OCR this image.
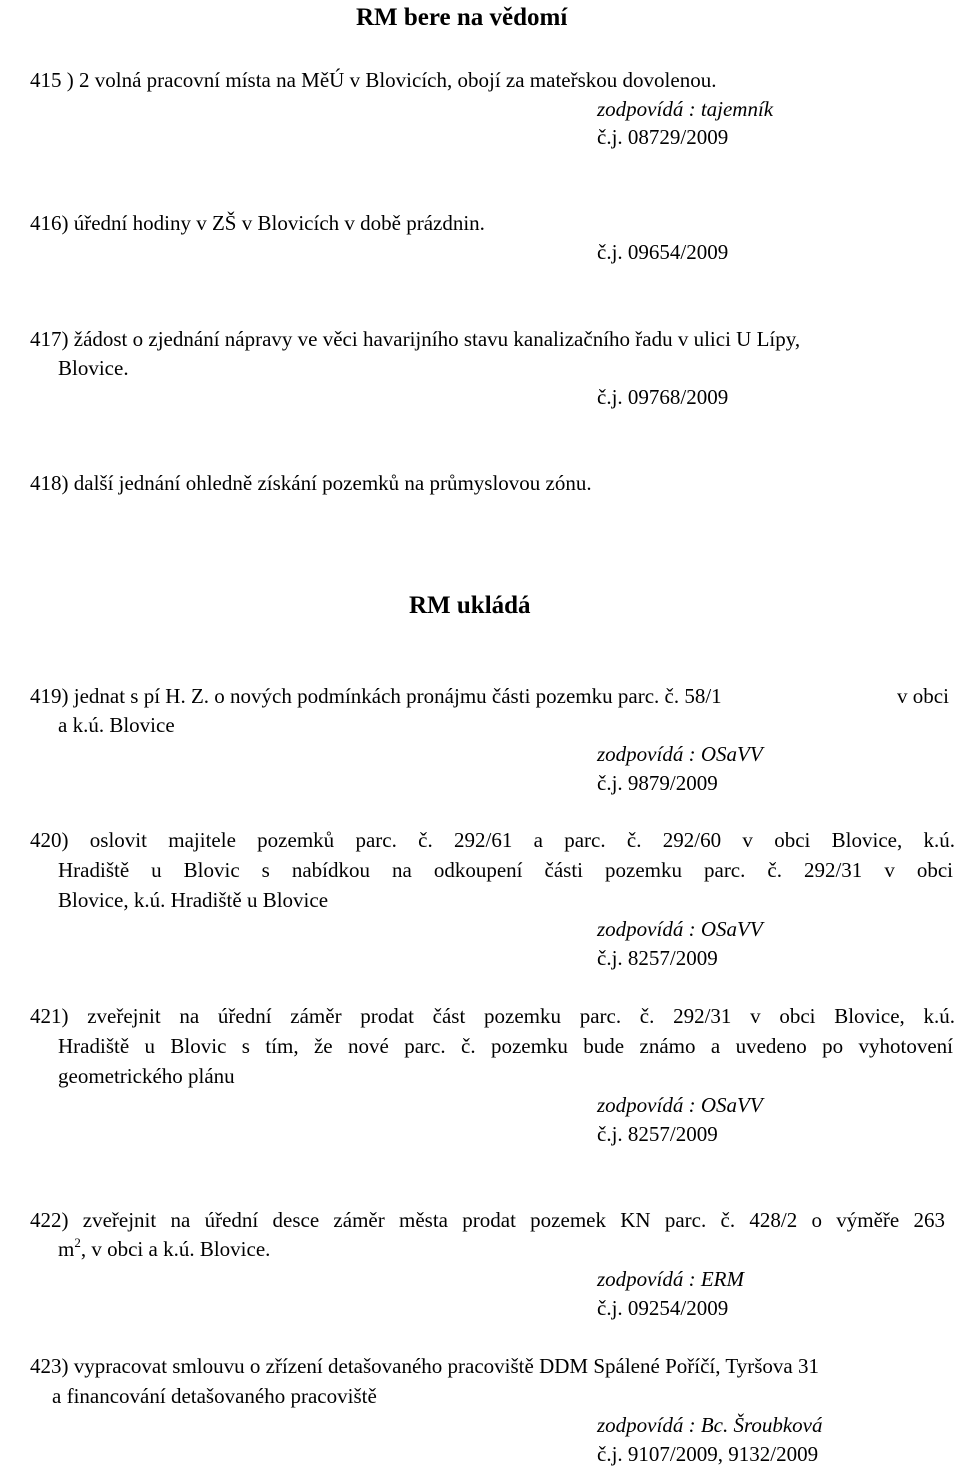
RM bere na vědomí
415 ) 2 volná pracovní místa na MěÚ v Blovicích, obojí za mateřskou dovolenou.
zodpovídá : tajemník
č.j. 08729/2009
416) úřední hodiny v ZŠ v Blovicích v době prázdnin.
č.j. 09654/2009
417) žádost o zjednání nápravy ve věci havarijního stavu kanalizačního řadu v ulici U Lípy,
Blovice.
č.j. 09768/2009
418) další jednání ohledně získání pozemků na průmyslovou zónu.
RM ukládá
419) jednat s pí H. Z. o nových podmínkách pronájmu části pozemku parc. č. 58/1	v obci
a k.ú. Blovice
zodpovídá : OSaVV
č.j. 9879/2009
420) oslovit majitele pozemků parc. č. 292/61 a parc. č. 292/60 v obci Blovice, k.ú.
Hradiště u Blovic s nabídkou na odkoupení části pozemku parc. č. 292/31 v obci
Blovice, k.ú. Hradiště u Blovice
zodpovídá : OSaVV
č.j. 8257/2009
421) zveřejnit na úřední záměr prodat část pozemku parc. č. 292/31 v obci Blovice, k.ú.
Hradiště u Blovic s tím, že nové parc. č. pozemku bude známo a uvedeno po vyhotovení
geometrického plánu
zodpovídá : OSaVV
č.j. 8257/2009
422) zveřejnit na úřední desce záměr města prodat pozemek KN parc. č. 428/2 o výměře 263
$m^2$, v obci a k.ú. Blovice.
zodpovídá : ERM
č.j. 09254/2009
423) vypracovat smlouvu o zřízení detašovaného pracoviště DDM Spálené Poříčí, Tyršova 31
a financování detašovaného pracoviště
zodpovídá : Bc. Šroubková
č.j. 9107/2009, 9132/2009
